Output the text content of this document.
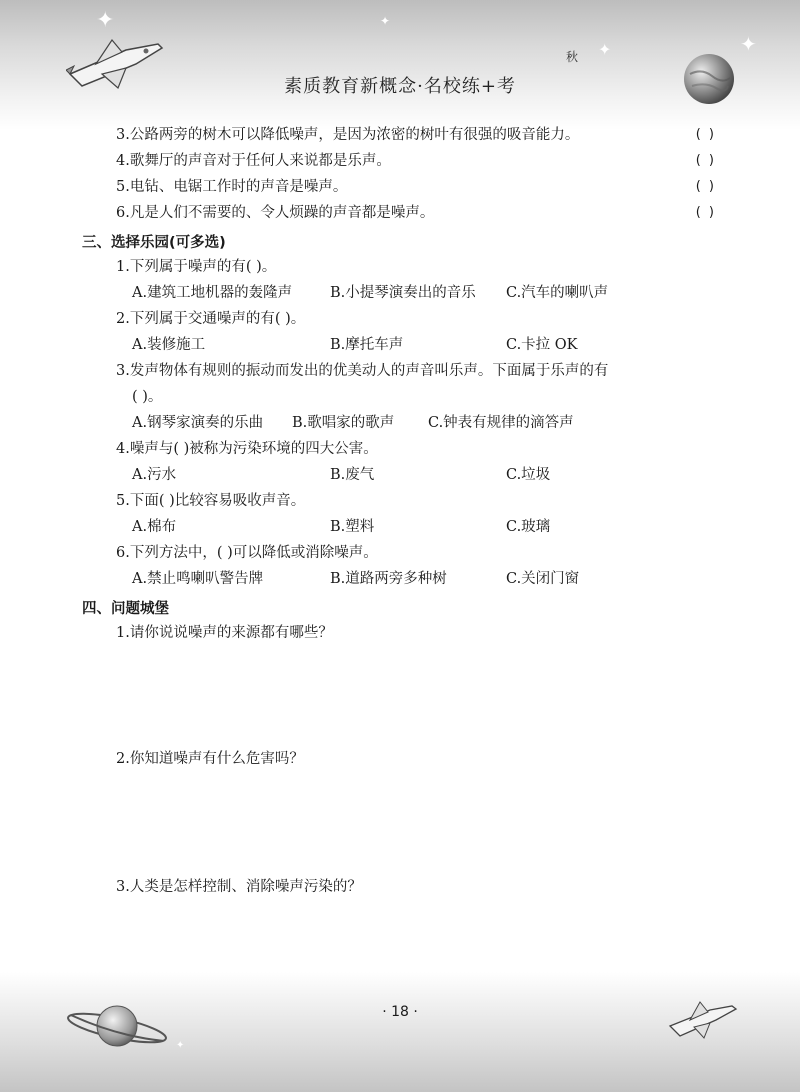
✦	✦
✦	✦
素质教育新概念·名校练+考
秋
3.公路两旁的树木可以降低噪声，是因为浓密的树叶有很强的吸音能力。	( )
4.歌舞厅的声音对于任何人来说都是乐声。	( )
5.电钻、电锯工作时的声音是噪声。	( )
6.凡是人们不需要的、令人烦躁的声音都是噪声。	( )
三、选择乐园(可多选)
1.下列属于噪声的有( )。
A.建筑工地机器的轰隆声	B.小提琴演奏出的音乐 C.汽车的喇叭声
2.下列属于交通噪声的有( )。
A.装修施工	B.摩托车声	C.卡拉 OK
3.发声物体有规则的振动而发出的优美动人的声音叫乐声。下面属于乐声的有
( )。
A.钢琴家演奏的乐曲 B.歌唱家的歌声 C.钟表有规律的滴答声
4.噪声与( )被称为污染环境的四大公害。
A.污水	B.废气	C.垃圾
5.下面( )比较容易吸收声音。
A.棉布	B.塑料	C.玻璃
6.下列方法中，( )可以降低或消除噪声。
A.禁止鸣喇叭警告牌	B.道路两旁多种树	C.关闭门窗
四、问题城堡
1.请你说说噪声的来源都有哪些？
2.你知道噪声有什么危害吗？
3.人类是怎样控制、消除噪声污染的？
✦
· 18 ·
